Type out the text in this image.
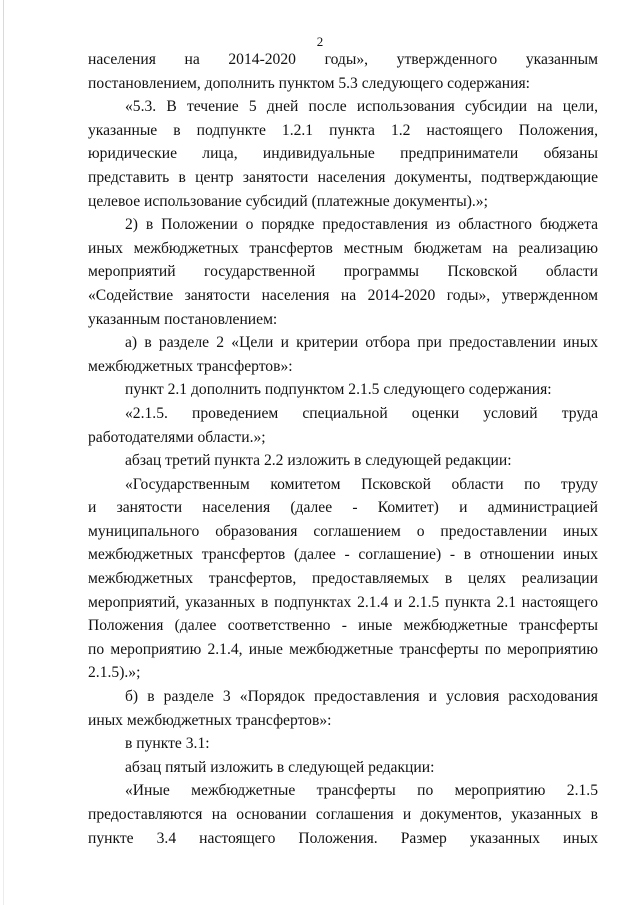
2
населения на 2014-2020 годы», утвержденного указанным
постановлением, дополнить пунктом 5.3 следующего содержания:
«5.3. В течение 5 дней после использования субсидии на цели,
указанные в подпункте 1.2.1 пункта 1.2 настоящего Положения,
юридические лица, индивидуальные предприниматели обязаны
представить в центр занятости населения документы, подтверждающие
целевое использование субсидий (платежные документы).»;
2) в Положении о порядке предоставления из областного бюджета
иных межбюджетных трансфертов местным бюджетам на реализацию
мероприятий государственной программы Псковской области
«Содействие занятости населения на 2014-2020 годы», утвержденном
указанным постановлением:
а) в разделе 2 «Цели и критерии отбора при предоставлении иных
межбюджетных трансфертов»:
пункт 2.1 дополнить подпунктом 2.1.5 следующего содержания:
«2.1.5. проведением специальной оценки условий труда
работодателями области.»;
абзац третий пункта 2.2 изложить в следующей редакции:
«Государственным комитетом Псковской области по труду
и занятости населения (далее - Комитет) и администрацией
муниципального образования соглашением о предоставлении иных
межбюджетных трансфертов (далее - соглашение) - в отношении иных
межбюджетных трансфертов, предоставляемых в целях реализации
мероприятий, указанных в подпунктах 2.1.4 и 2.1.5 пункта 2.1 настоящего
Положения (далее соответственно - иные межбюджетные трансферты
по мероприятию 2.1.4, иные межбюджетные трансферты по мероприятию
2.1.5).»;
б) в разделе 3 «Порядок предоставления и условия расходования
иных межбюджетных трансфертов»:
в пункте 3.1:
абзац пятый изложить в следующей редакции:
«Иные межбюджетные трансферты по мероприятию 2.1.5
предоставляются на основании соглашения и документов, указанных в
пункте 3.4 настоящего Положения. Размер указанных иных
